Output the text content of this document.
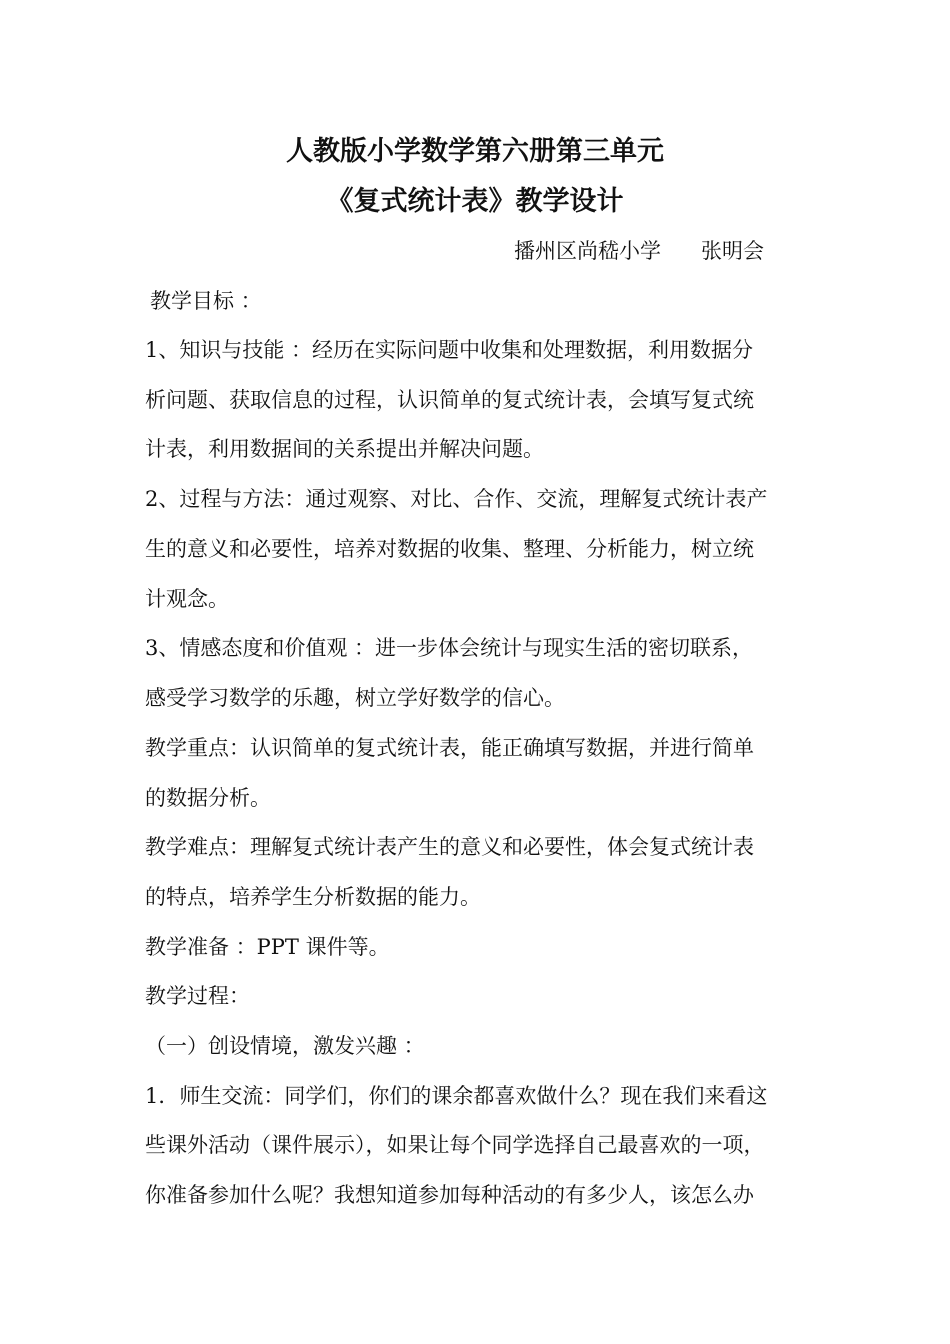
人教版小学数学第六册第三单元
《复式统计表》教学设计
播州区尚嵇小学      张明会
教学目标 ：
1、知识与技能 ：经历在实际问题中收集和处理数据，利用数据分
析问题、获取信息的过程，认识简单的复式统计表，会填写复式统
计表，利用数据间的关系提出并解决问题。
2、过程与方法：通过观察、对比、合作、交流，理解复式统计表产
生的意义和必要性，培养对数据的收集、整理、分析能力，树立统
计观念。
3、情感态度和价值观 ：进一步体会统计与现实生活的密切联系，
感受学习数学的乐趣，树立学好数学的信心。
教学重点：认识简单的复式统计表，能正确填写数据，并进行简单
的数据分析。
教学难点：理解复式统计表产生的意义和必要性，体会复式统计表
的特点，培养学生分析数据的能力。
教学准备 ：PPT 课件等。
教学过程：
（一）创设情境，激发兴趣 ：
1．师生交流：同学们，你们的课余都喜欢做什么？现在我们来看这
些课外活动（课件展示），如果让每个同学选择自己最喜欢的一项，
你准备参加什么呢？我想知道参加每种活动的有多少人，该怎么办
